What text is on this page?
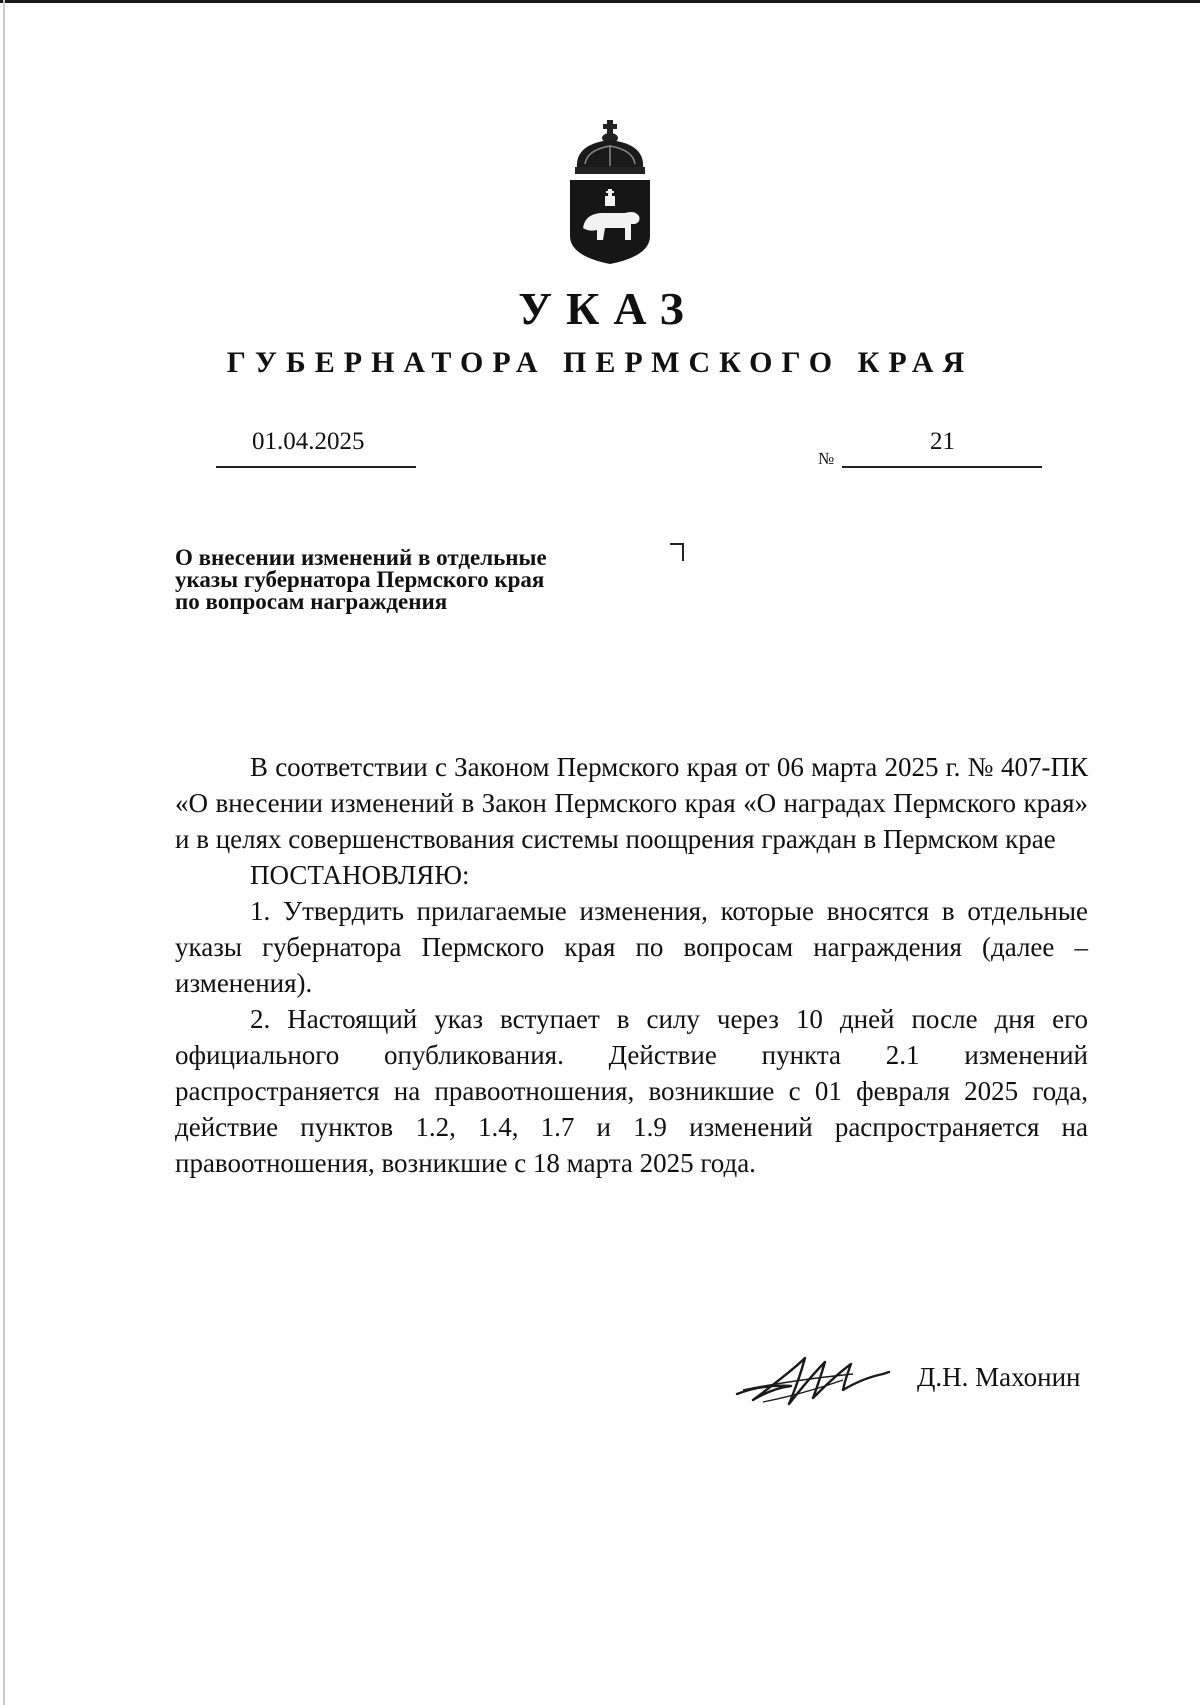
УКАЗ
ГУБЕРНАТОРА ПЕРМСКОГО КРАЯ
01.04.2025
№
21
О внесении изменений в отдельные
указы губернатора Пермского края
по вопросам награждения

В соответствии с Законом Пермского края от 06 марта 2025 г. № 407-ПК «О внесении изменений в Закон Пермского края «О наградах Пермского края» и в целях совершенствования системы поощрения граждан в Пермском крае

ПОСТАНОВЛЯЮ:

1. Утвердить прилагаемые изменения, которые вносятся в отдельные указы губернатора Пермского края по вопросам награждения (далее – изменения).

2. Настоящий указ вступает в силу через 10 дней после дня его официального опубликования. Действие пункта 2.1 изменений распространяется на правоотношения, возникшие с 01 февраля 2025 года, действие пунктов 1.2, 1.4, 1.7 и 1.9 изменений распространяется на правоотношения, возникшие с 18 марта 2025 года.

Д.Н. Махонин
